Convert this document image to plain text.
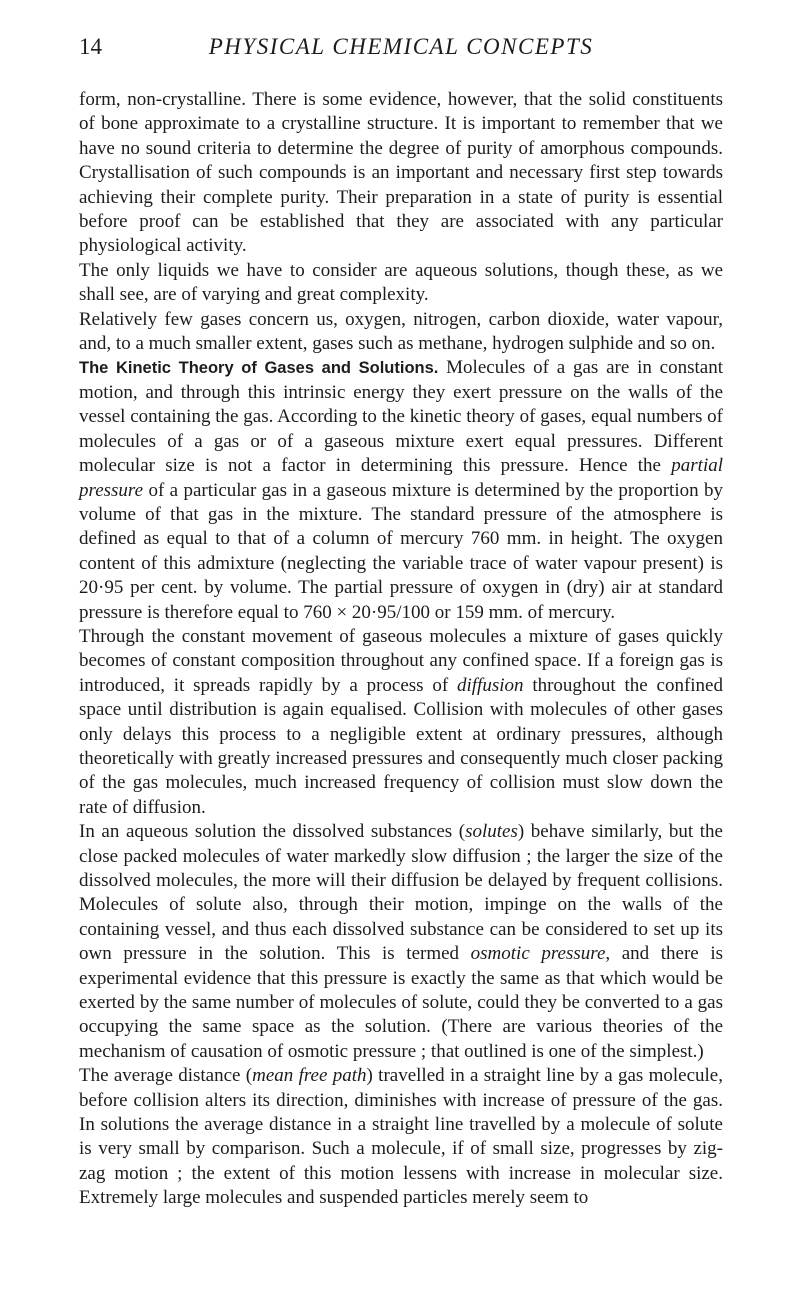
14	PHYSICAL CHEMICAL CONCEPTS

form, non-crystalline. There is some evidence, however, that the solid constituents of bone approximate to a crystalline structure. It is important to remember that we have no sound criteria to determine the degree of purity of amorphous compounds. Crystallisation of such compounds is an important and necessary first step towards achieving their complete purity. Their preparation in a state of purity is essential before proof can be established that they are associated with any particular physiological activity.

The only liquids we have to consider are aqueous solutions, though these, as we shall see, are of varying and great complexity.

Relatively few gases concern us, oxygen, nitrogen, carbon dioxide, water vapour, and, to a much smaller extent, gases such as methane, hydrogen sulphide and so on.

The Kinetic Theory of Gases and Solutions. Molecules of a gas are in constant motion, and through this intrinsic energy they exert pressure on the walls of the vessel containing the gas. According to the kinetic theory of gases, equal numbers of molecules of a gas or of a gaseous mixture exert equal pressures. Different molecular size is not a factor in determining this pressure. Hence the partial pressure of a particular gas in a gaseous mixture is determined by the proportion by volume of that gas in the mixture. The standard pressure of the atmosphere is defined as equal to that of a column of mercury 760 mm. in height. The oxygen content of this admixture (neglecting the variable trace of water vapour present) is 20·95 per cent. by volume. The partial pressure of oxygen in (dry) air at standard pressure is therefore equal to 760 × 20·95/100 or 159 mm. of mercury.

Through the constant movement of gaseous molecules a mixture of gases quickly becomes of constant composition throughout any confined space. If a foreign gas is introduced, it spreads rapidly by a process of diffusion throughout the confined space until distribution is again equalised. Collision with molecules of other gases only delays this process to a negligible extent at ordinary pressures, although theoretically with greatly increased pressures and consequently much closer packing of the gas molecules, much increased frequency of collision must slow down the rate of diffusion.

In an aqueous solution the dissolved substances (solutes) behave similarly, but the close packed molecules of water markedly slow diffusion ; the larger the size of the dissolved molecules, the more will their diffusion be delayed by frequent collisions. Molecules of solute also, through their motion, impinge on the walls of the containing vessel, and thus each dissolved substance can be considered to set up its own pressure in the solution. This is termed osmotic pressure, and there is experimental evidence that this pressure is exactly the same as that which would be exerted by the same number of molecules of solute, could they be converted to a gas occupying the same space as the solution. (There are various theories of the mechanism of causation of osmotic pressure ; that outlined is one of the simplest.)

The average distance (mean free path) travelled in a straight line by a gas molecule, before collision alters its direction, diminishes with increase of pressure of the gas. In solutions the average distance in a straight line travelled by a molecule of solute is very small by comparison. Such a molecule, if of small size, progresses by zig-zag motion ; the extent of this motion lessens with increase in molecular size. Extremely large molecules and suspended particles merely seem to
